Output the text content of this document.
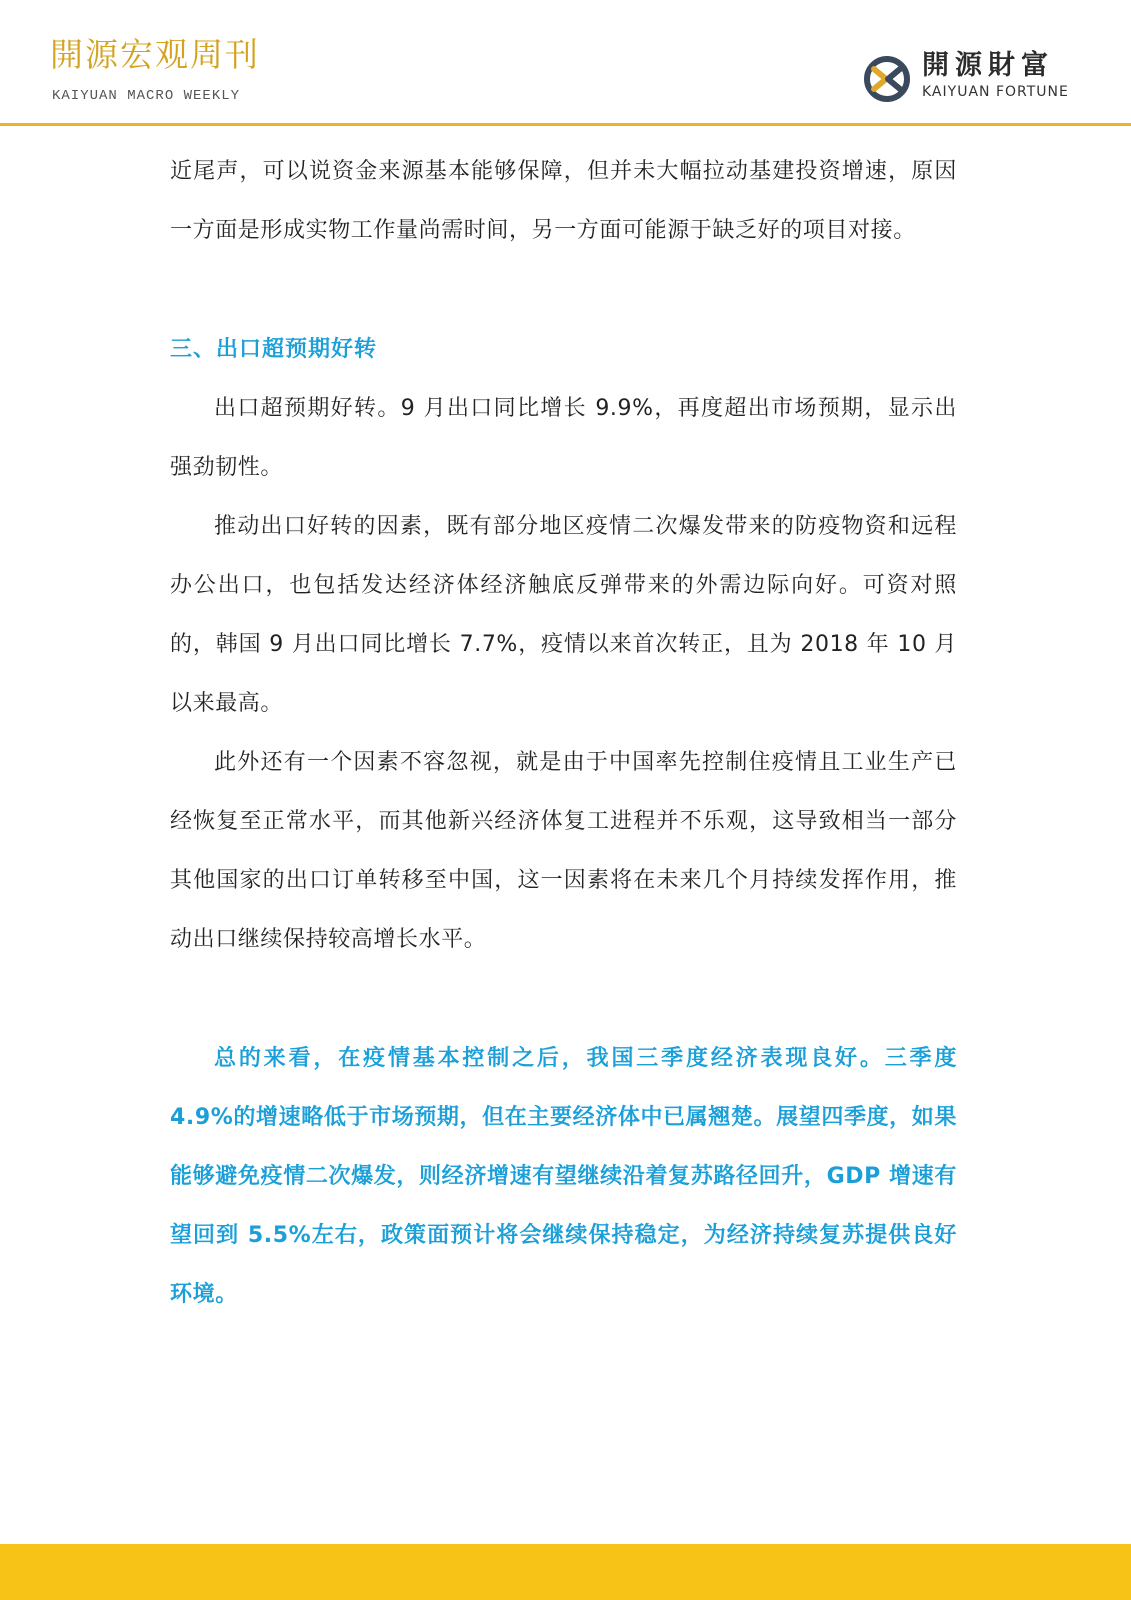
開源宏观周刊
KAIYUAN MACRO WEEKLY
開源財富
KAIYUAN FORTUNE

近尾声，可以说资金来源基本能够保障，但并未大幅拉动基建投资增速，原因一方面是形成实物工作量尚需时间，另一方面可能源于缺乏好的项目对接。

三、出口超预期好转

出口超预期好转。9 月出口同比增长 9.9%，再度超出市场预期，显示出强劲韧性。

推动出口好转的因素，既有部分地区疫情二次爆发带来的防疫物资和远程办公出口，也包括发达经济体经济触底反弹带来的外需边际向好。可资对照的，韩国 9 月出口同比增长 7.7%，疫情以来首次转正，且为 2018 年 10 月以来最高。

此外还有一个因素不容忽视，就是由于中国率先控制住疫情且工业生产已经恢复至正常水平，而其他新兴经济体复工进程并不乐观，这导致相当一部分其他国家的出口订单转移至中国，这一因素将在未来几个月持续发挥作用，推动出口继续保持较高增长水平。

总的来看，在疫情基本控制之后，我国三季度经济表现良好。三季度 4.9%的增速略低于市场预期，但在主要经济体中已属翘楚。展望四季度，如果能够避免疫情二次爆发，则经济增速有望继续沿着复苏路径回升，GDP 增速有望回到 5.5%左右，政策面预计将会继续保持稳定，为经济持续复苏提供良好环境。
